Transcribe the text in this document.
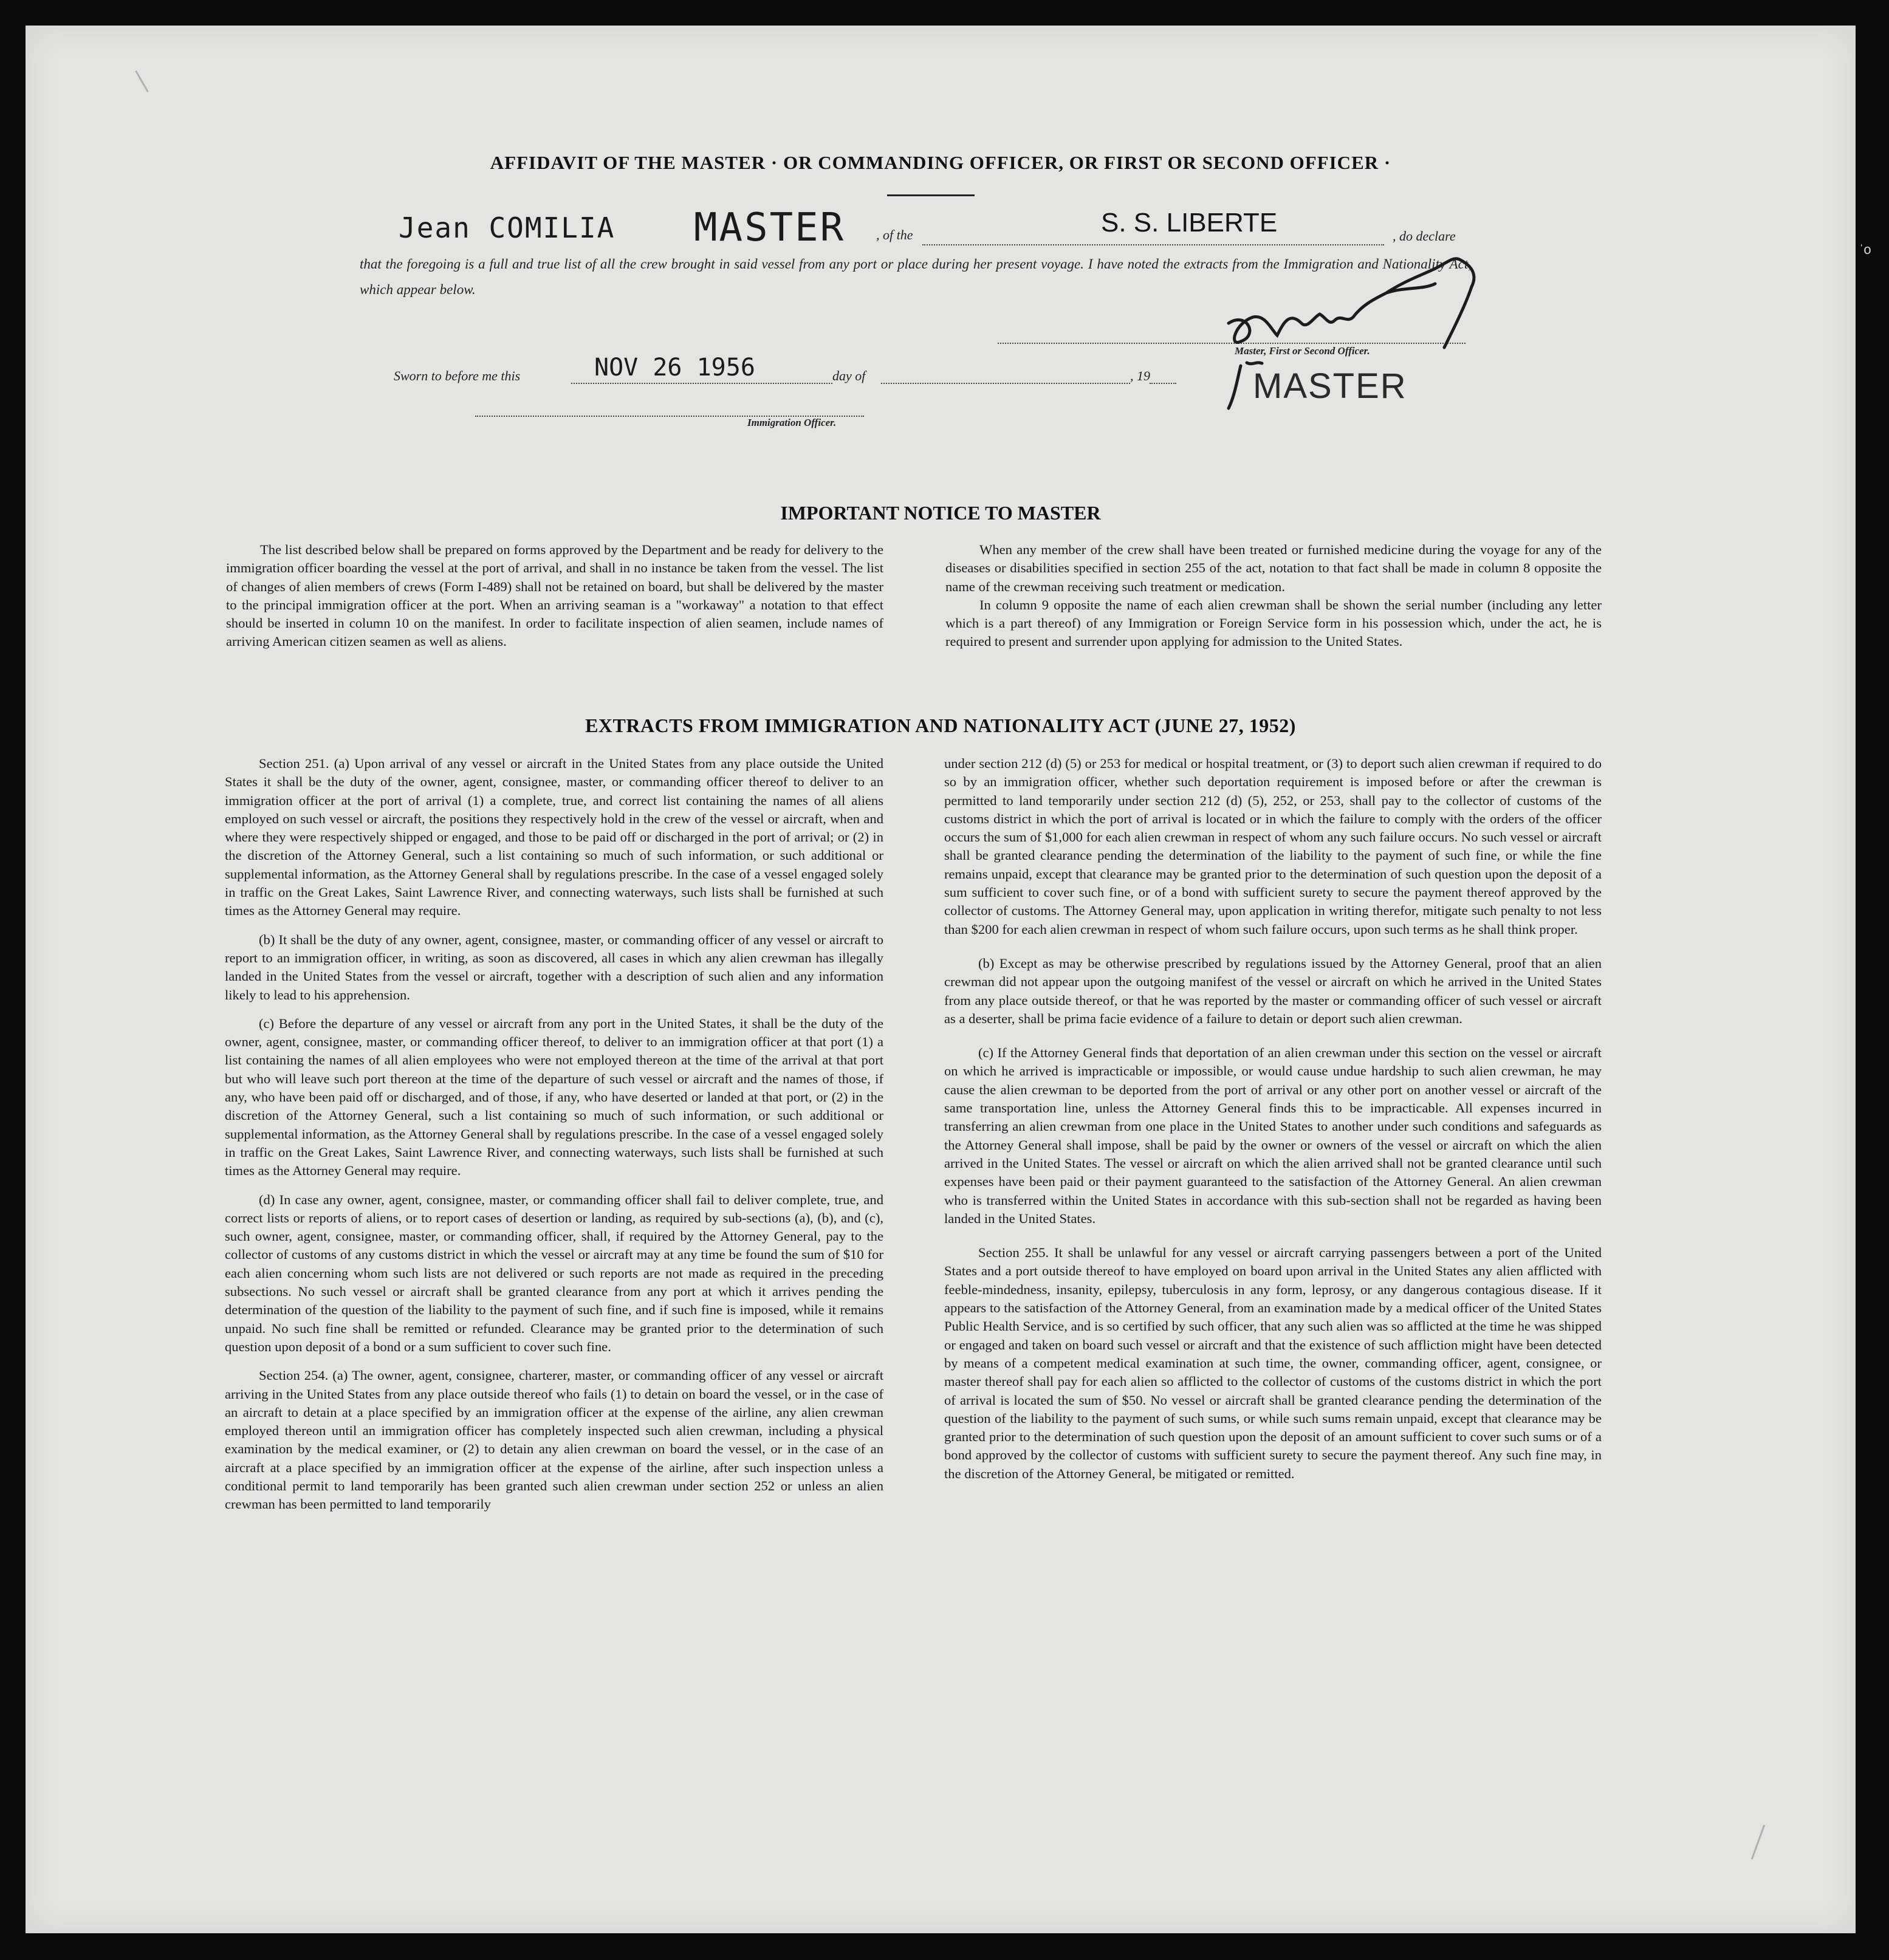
AFFIDAVIT OF THE MASTER · OR COMMANDING OFFICER, OR FIRST OR SECOND OFFICER ·
Jean COMILIA MASTER , of the	S. S. LIBERTE	, do declare
that the foregoing is a full and true list of all the crew brought in said vessel from any port or place during her present voyage. I have noted the extracts from the Immigration and Nationality Act, which appear below.
Sworn to before me this	NOV 26 1956	day of	, 19
Master, First or Second Officer.
MASTER
Immigration Officer.
IMPORTANT NOTICE TO MASTER

The list described below shall be prepared on forms approved by the Department and be ready for delivery to the immigration officer boarding the vessel at the port of arrival, and shall in no instance be taken from the vessel. The list of changes of alien members of crews (Form I-489) shall not be retained on board, but shall be delivered by the master to the principal immigration officer at the port. When an arriving seaman is a "workaway" a notation to that effect should be inserted in column 10 on the manifest. In order to facilitate inspection of alien seamen, include names of arriving American citizen seamen as well as aliens.

When any member of the crew shall have been treated or furnished medicine during the voyage for any of the diseases or disabilities specified in section 255 of the act, notation to that fact shall be made in column 8 opposite the name of the crewman receiving such treatment or medication.

In column 9 opposite the name of each alien crewman shall be shown the serial number (including any letter which is a part thereof) of any Immigration or Foreign Service form in his possession which, under the act, he is required to present and surrender upon applying for admission to the United States.

EXTRACTS FROM IMMIGRATION AND NATIONALITY ACT (JUNE 27, 1952)

Section 251. (a) Upon arrival of any vessel or aircraft in the United States from any place outside the United States it shall be the duty of the owner, agent, consignee, master, or commanding officer thereof to deliver to an immigration officer at the port of arrival (1) a complete, true, and correct list containing the names of all aliens employed on such vessel or aircraft, the positions they respectively hold in the crew of the vessel or aircraft, when and where they were respectively shipped or engaged, and those to be paid off or discharged in the port of arrival; or (2) in the discretion of the Attorney General, such a list containing so much of such information, or such additional or supplemental information, as the Attorney General shall by regulations prescribe. In the case of a vessel engaged solely in traffic on the Great Lakes, Saint Lawrence River, and connecting waterways, such lists shall be furnished at such times as the Attorney General may require.

(b) It shall be the duty of any owner, agent, consignee, master, or commanding officer of any vessel or aircraft to report to an immigration officer, in writing, as soon as discovered, all cases in which any alien crewman has illegally landed in the United States from the vessel or aircraft, together with a description of such alien and any information likely to lead to his apprehension.

(c) Before the departure of any vessel or aircraft from any port in the United States, it shall be the duty of the owner, agent, consignee, master, or commanding officer thereof, to deliver to an immigration officer at that port (1) a list containing the names of all alien employees who were not employed thereon at the time of the arrival at that port but who will leave such port thereon at the time of the departure of such vessel or aircraft and the names of those, if any, who have been paid off or discharged, and of those, if any, who have deserted or landed at that port, or (2) in the discretion of the Attorney General, such a list containing so much of such information, or such additional or supplemental information, as the Attorney General shall by regulations prescribe. In the case of a vessel engaged solely in traffic on the Great Lakes, Saint Lawrence River, and connecting waterways, such lists shall be furnished at such times as the Attorney General may require.

(d) In case any owner, agent, consignee, master, or commanding officer shall fail to deliver complete, true, and correct lists or reports of aliens, or to report cases of desertion or landing, as required by sub-sections (a), (b), and (c), such owner, agent, consignee, master, or commanding officer, shall, if required by the Attorney General, pay to the collector of customs of any customs district in which the vessel or aircraft may at any time be found the sum of $10 for each alien concerning whom such lists are not delivered or such reports are not made as required in the preceding subsections. No such vessel or aircraft shall be granted clearance from any port at which it arrives pending the determination of the question of the liability to the payment of such fine, and if such fine is imposed, while it remains unpaid. No such fine shall be remitted or refunded. Clearance may be granted prior to the determination of such question upon deposit of a bond or a sum sufficient to cover such fine.

Section 254. (a) The owner, agent, consignee, charterer, master, or commanding officer of any vessel or aircraft arriving in the United States from any place outside thereof who fails (1) to detain on board the vessel, or in the case of an aircraft to detain at a place specified by an immigration officer at the expense of the airline, any alien crewman employed thereon until an immigration officer has completely inspected such alien crewman, including a physical examination by the medical examiner, or (2) to detain any alien crewman on board the vessel, or in the case of an aircraft at a place specified by an immigration officer at the expense of the airline, after such inspection unless a conditional permit to land temporarily has been granted such alien crewman under section 252 or unless an alien crewman has been permitted to land temporarily

under section 212 (d) (5) or 253 for medical or hospital treatment, or (3) to deport such alien crewman if required to do so by an immigration officer, whether such deportation requirement is imposed before or after the crewman is permitted to land temporarily under section 212 (d) (5), 252, or 253, shall pay to the collector of customs of the customs district in which the port of arrival is located or in which the failure to comply with the orders of the officer occurs the sum of $1,000 for each alien crewman in respect of whom any such failure occurs. No such vessel or aircraft shall be granted clearance pending the determination of the liability to the payment of such fine, or while the fine remains unpaid, except that clearance may be granted prior to the determination of such question upon the deposit of a sum sufficient to cover such fine, or of a bond with sufficient surety to secure the payment thereof approved by the collector of customs. The Attorney General may, upon application in writing therefor, mitigate such penalty to not less than $200 for each alien crewman in respect of whom such failure occurs, upon such terms as he shall think proper.

(b) Except as may be otherwise prescribed by regulations issued by the Attorney General, proof that an alien crewman did not appear upon the outgoing manifest of the vessel or aircraft on which he arrived in the United States from any place outside thereof, or that he was reported by the master or commanding officer of such vessel or aircraft as a deserter, shall be prima facie evidence of a failure to detain or deport such alien crewman.

(c) If the Attorney General finds that deportation of an alien crewman under this section on the vessel or aircraft on which he arrived is impracticable or impossible, or would cause undue hardship to such alien crewman, he may cause the alien crewman to be deported from the port of arrival or any other port on another vessel or aircraft of the same transportation line, unless the Attorney General finds this to be impracticable. All expenses incurred in transferring an alien crewman from one place in the United States to another under such conditions and safeguards as the Attorney General shall impose, shall be paid by the owner or owners of the vessel or aircraft on which the alien arrived in the United States. The vessel or aircraft on which the alien arrived shall not be granted clearance until such expenses have been paid or their payment guaranteed to the satisfaction of the Attorney General. An alien crewman who is transferred within the United States in accordance with this sub-section shall not be regarded as having been landed in the United States.

Section 255. It shall be unlawful for any vessel or aircraft carrying passengers between a port of the United States and a port outside thereof to have employed on board upon arrival in the United States any alien afflicted with feeble-mindedness, insanity, epilepsy, tuberculosis in any form, leprosy, or any dangerous contagious disease. If it appears to the satisfaction of the Attorney General, from an examination made by a medical officer of the United States Public Health Service, and is so certified by such officer, that any such alien was so afflicted at the time he was shipped or engaged and taken on board such vessel or aircraft and that the existence of such affliction might have been detected by means of a competent medical examination at such time, the owner, commanding officer, agent, consignee, or master thereof shall pay for each alien so afflicted to the collector of customs of the customs district in which the port of arrival is located the sum of $50. No vessel or aircraft shall be granted clearance pending the determination of the question of the liability to the payment of such sums, or while such sums remain unpaid, except that clearance may be granted prior to the determination of such question upon the deposit of an amount sufficient to cover such sums or of a bond approved by the collector of customs with sufficient surety to secure the payment thereof. Any such fine may, in the discretion of the Attorney General, be mitigated or remitted.

ˈo
